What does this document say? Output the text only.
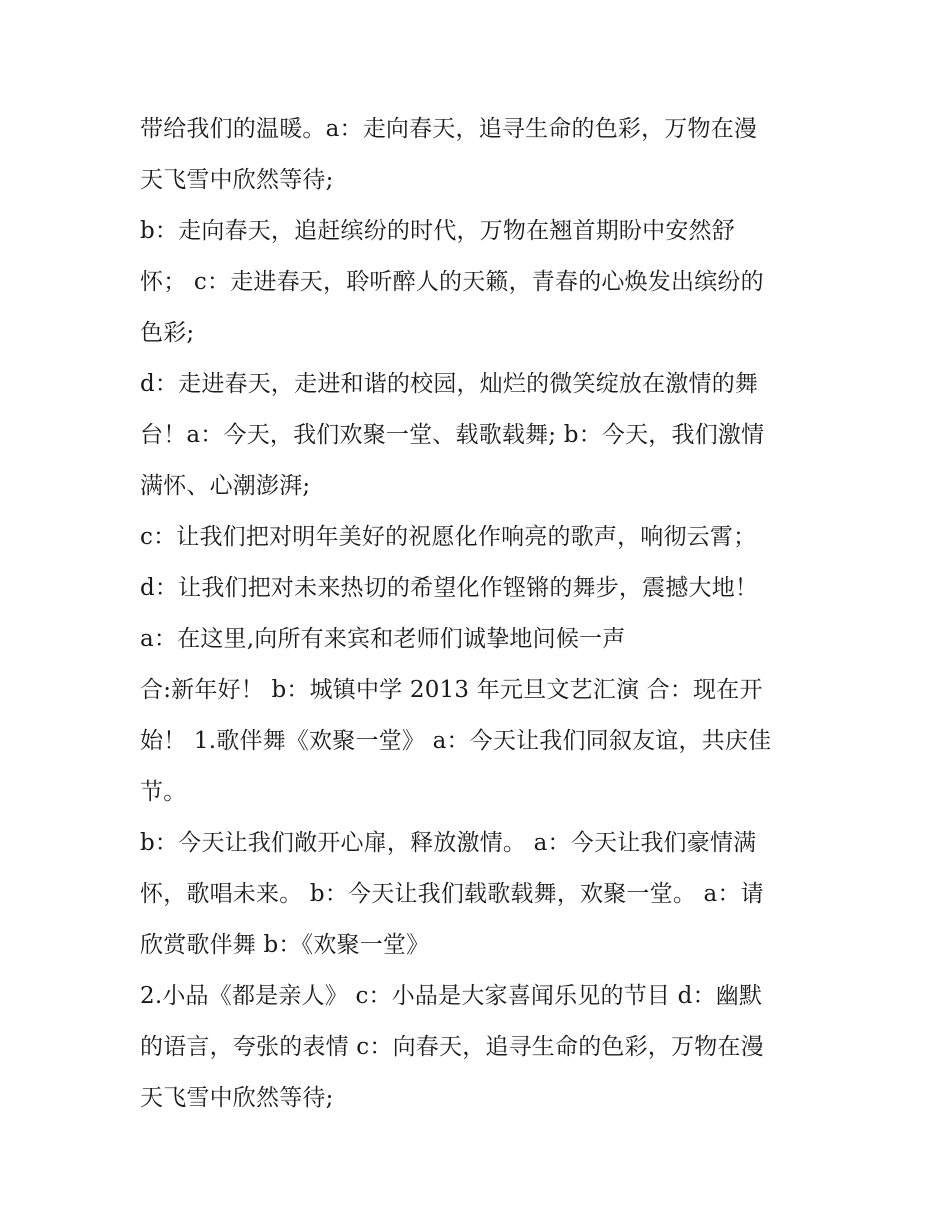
带给我们的温暖。a：走向春天，追寻生命的色彩，万物在漫
天飞雪中欣然等待;
b：走向春天，追赶缤纷的时代，万物在翘首期盼中安然舒
怀； c：走进春天，聆听醉人的天籁，青春的心焕发出缤纷的
色彩;
d：走进春天，走进和谐的校园，灿烂的微笑绽放在激情的舞
台！a：今天，我们欢聚一堂、载歌载舞; b：今天，我们激情
满怀、心潮澎湃;
c：让我们把对明年美好的祝愿化作响亮的歌声，响彻云霄；
d：让我们把对未来热切的希望化作铿锵的舞步，震撼大地！
a：在这里,向所有来宾和老师们诚挚地问候一声
合:新年好！ b：城镇中学 2013 年元旦文艺汇演 合：现在开
始！ 1.歌伴舞《欢聚一堂》 a：今天让我们同叙友谊，共庆佳
节。
b：今天让我们敞开心扉，释放激情。 a：今天让我们豪情满
怀，歌唱未来。 b：今天让我们载歌载舞，欢聚一堂。 a：请
欣赏歌伴舞 b：《欢聚一堂》
2.小品《都是亲人》 c：小品是大家喜闻乐见的节目 d：幽默
的语言，夸张的表情 c：向春天，追寻生命的色彩，万物在漫
天飞雪中欣然等待;
